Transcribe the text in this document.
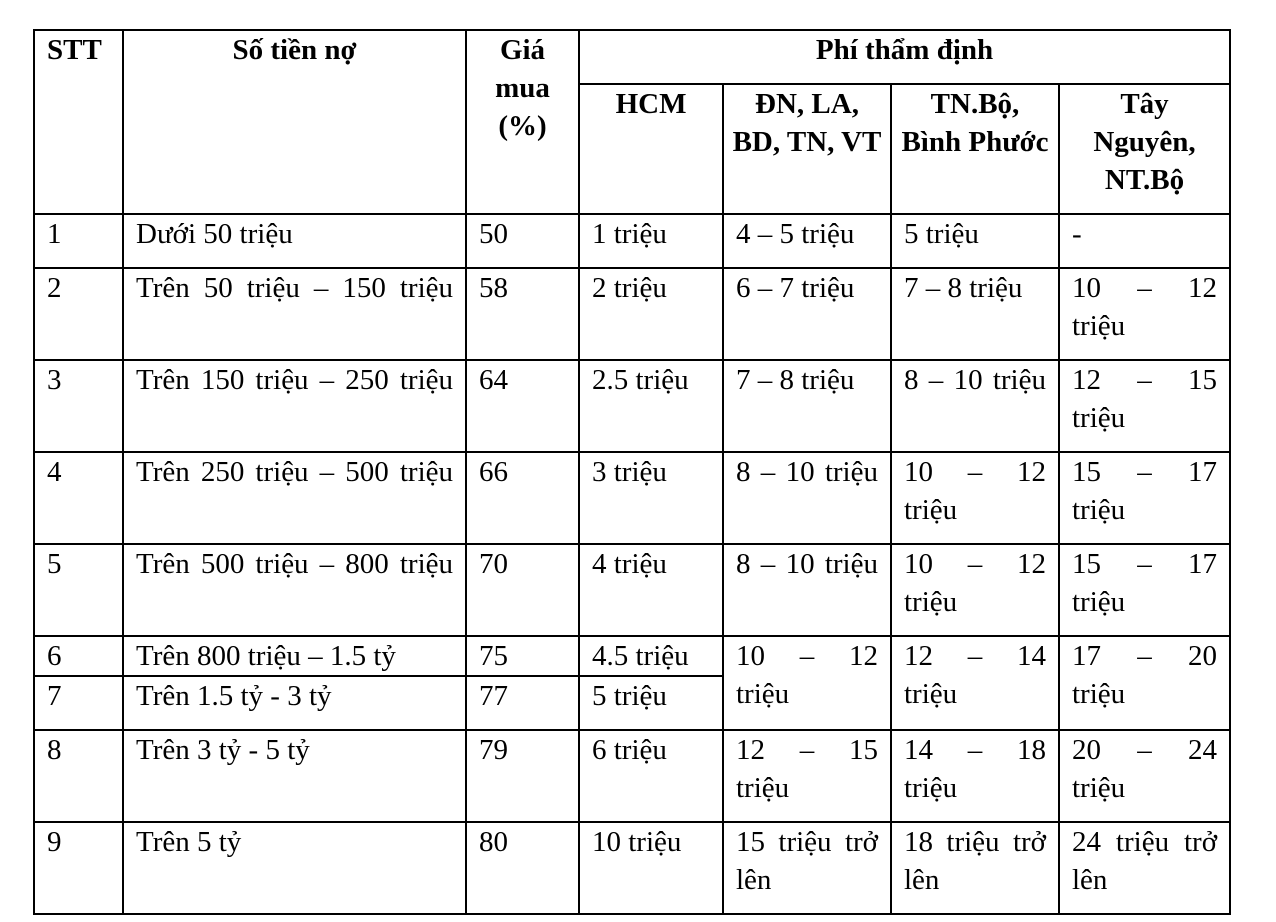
STT	Số tiền nợ	Giá mua (%)	Phí thẩm định			
			HCM	ĐN, LA, BD, TN, VT	TN.Bộ, Bình Phước	Tây Nguyên, NT.Bộ
1	Dưới 50 triệu	50	1 triệu	4 – 5 triệu	5 triệu	-
2	Trên 50 triệu – 150 triệu	58	2 triệu	6 – 7 triệu	7 – 8 triệu	10 – 12 triệu
3	Trên 150 triệu – 250 triệu	64	2.5 triệu	7 – 8 triệu	8 – 10 triệu	12 – 15 triệu
4	Trên 250 triệu – 500 triệu	66	3 triệu	8 – 10 triệu	10 – 12 triệu	15 – 17 triệu
5	Trên 500 triệu – 800 triệu	70	4 triệu	8 – 10 triệu	10 – 12 triệu	15 – 17 triệu
6	Trên 800 triệu – 1.5 tỷ	75	4.5 triệu	10 – 12 triệu	12 – 14 triệu	17 – 20 triệu
7	Trên 1.5 tỷ - 3 tỷ	77	5 triệu			
8	Trên 3 tỷ - 5 tỷ	79	6 triệu	12 – 15 triệu	14 – 18 triệu	20 – 24 triệu
9	Trên 5 tỷ	80	10 triệu	15 triệu trở lên	18 triệu trở lên	24 triệu trở lên
